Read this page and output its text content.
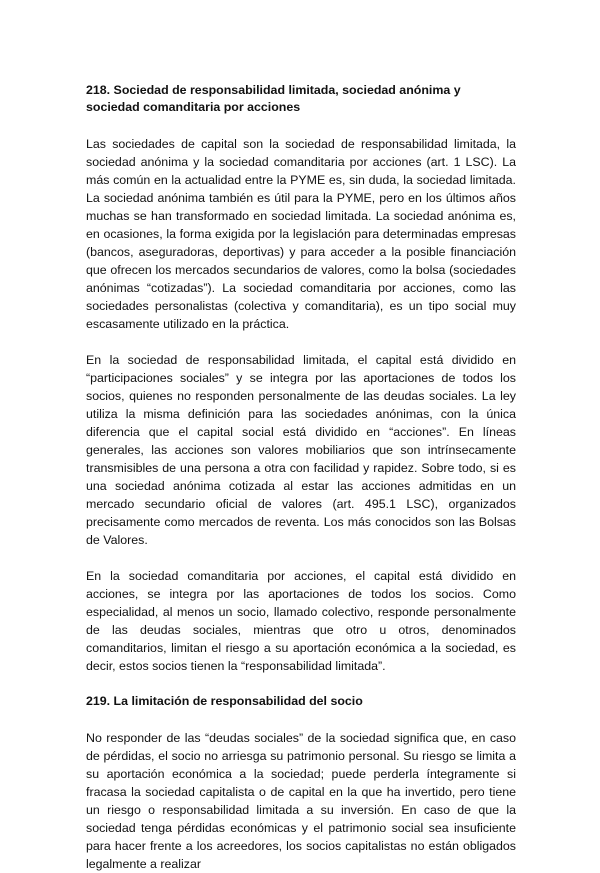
218. Sociedad de responsabilidad limitada, sociedad anónima y sociedad comanditaria por acciones

Las sociedades de capital son la sociedad de responsabilidad limitada, la sociedad anónima y la sociedad comanditaria por acciones (art. 1 LSC). La más común en la actualidad entre la PYME es, sin duda, la sociedad limitada. La sociedad anónima también es útil para la PYME, pero en los últimos años muchas se han transformado en sociedad limitada. La sociedad anónima es, en ocasiones, la forma exigida por la legislación para determinadas empresas (bancos, aseguradoras, deportivas) y para acceder a la posible financiación que ofrecen los mercados secundarios de valores, como la bolsa (sociedades anónimas “cotizadas”). La sociedad comanditaria por acciones, como las sociedades personalistas (colectiva y comanditaria), es un tipo social muy escasamente utilizado en la práctica.

En la sociedad de responsabilidad limitada, el capital está dividido en “participaciones sociales” y se integra por las aportaciones de todos los socios, quienes no responden personalmente de las deudas sociales. La ley utiliza la misma definición para las sociedades anónimas, con la única diferencia que el capital social está dividido en “acciones”. En líneas generales, las acciones son valores mobiliarios que son intrínsecamente transmisibles de una persona a otra con facilidad y rapidez. Sobre todo, si es una sociedad anónima cotizada al estar las acciones admitidas en un mercado secundario oficial de valores (art. 495.1 LSC), organizados precisamente como mercados de reventa. Los más conocidos son las Bolsas de Valores.

En la sociedad comanditaria por acciones, el capital está dividido en acciones, se integra por las aportaciones de todos los socios. Como especialidad, al menos un socio, llamado colectivo, responde personalmente de las deudas sociales, mientras que otro u otros, denominados comanditarios, limitan el riesgo a su aportación económica a la sociedad, es decir, estos socios tienen la “responsabilidad limitada”.

219. La limitación de responsabilidad del socio

No responder de las “deudas sociales” de la sociedad significa que, en caso de pérdidas, el socio no arriesga su patrimonio personal. Su riesgo se limita a su aportación económica a la sociedad; puede perderla íntegramente si fracasa la sociedad capitalista o de capital en la que ha invertido, pero tiene un riesgo o responsabilidad limitada a su inversión. En caso de que la sociedad tenga pérdidas económicas y el patrimonio social sea insuficiente para hacer frente a los acreedores, los socios capitalistas no están obligados legalmente a realizar
